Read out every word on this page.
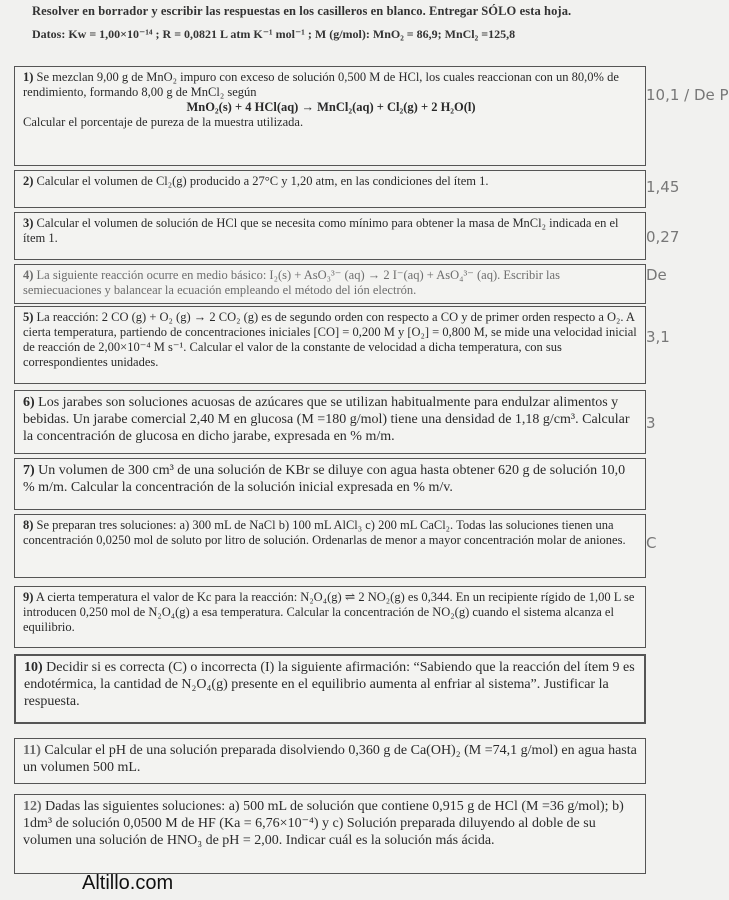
Resolver en borrador y escribir las respuestas en los casilleros en blanco. Entregar SÓLO esta hoja.
Datos: Kw = 1,00×10⁻¹⁴ ; R = 0,0821 L atm K⁻¹ mol⁻¹ ; M (g/mol): MnO₂ = 86,9; MnCl₂ =125,8
1) Se mezclan 9,00 g de MnO₂ impuro con exceso de solución 0,500 M de HCl, los cuales reaccionan con un 80,0% de rendimiento, formando 8,00 g de MnCl₂ según
MnO₂(s) + 4 HCl(aq) → MnCl₂(aq) + Cl₂(g) + 2 H₂O(l)
Calcular el porcentaje de pureza de la muestra utilizada.
10,1 / De P
2) Calcular el volumen de Cl₂(g) producido a 27°C y 1,20 atm, en las condiciones del ítem 1.	1,45
3) Calcular el volumen de solución de HCl que se necesita como mínimo para obtener la masa de MnCl₂ indicada en el ítem 1.	0,27
4) La siguiente reacción ocurre en medio básico: I₂(s) + AsO₃³⁻ (aq) → 2 I⁻(aq) + AsO₄³⁻ (aq). Escribir las semiecuaciones y balancear la ecuación empleando el método del ión electrón.
De
5) La reacción: 2 CO (g) + O₂ (g) → 2 CO₂ (g) es de segundo orden con respecto a CO y de primer orden respecto a O₂. A cierta temperatura, partiendo de concentraciones iniciales [CO] = 0,200 M y [O₂] = 0,800 M, se mide una velocidad inicial de reacción de 2,00×10⁻⁴ M s⁻¹. Calcular el valor de la constante de velocidad a dicha temperatura, con sus correspondientes unidades.
3,1
6) Los jarabes son soluciones acuosas de azúcares que se utilizan habitualmente para endulzar alimentos y bebidas. Un jarabe comercial 2,40 M en glucosa (M =180 g/mol) tiene una densidad de 1,18 g/cm³. Calcular la concentración de glucosa en dicho jarabe, expresada en % m/m.
3
7) Un volumen de 300 cm³ de una solución de KBr se diluye con agua hasta obtener 620 g de solución 10,0 % m/m. Calcular la concentración de la solución inicial expresada en % m/v.
8) Se preparan tres soluciones: a) 300 mL de NaCl b) 100 mL AlCl₃ c) 200 mL CaCl₂. Todas las soluciones tienen una concentración 0,0250 mol de soluto por litro de solución. Ordenarlas de menor a mayor concentración molar de aniones.	C
9) A cierta temperatura el valor de Kc para la reacción: N₂O₄(g) ⇌ 2 NO₂(g) es 0,344. En un recipiente rígido de 1,00 L se introducen 0,250 mol de N₂O₄(g) a esa temperatura. Calcular la concentración de NO₂(g) cuando el sistema alcanza el equilibrio.
10) Decidir si es correcta (C) o incorrecta (I) la siguiente afirmación: “Sabiendo que la reacción del ítem 9 es endotérmica, la cantidad de N₂O₄(g) presente en el equilibrio aumenta al enfriar al sistema”. Justificar la respuesta.
11) Calcular el pH de una solución preparada disolviendo 0,360 g de Ca(OH)₂ (M =74,1 g/mol) en agua hasta un volumen 500 mL.
12) Dadas las siguientes soluciones: a) 500 mL de solución que contiene 0,915 g de HCl (M =36 g/mol); b) 1dm³ de solución 0,0500 M de HF (Ka = 6,76×10⁻⁴) y c) Solución preparada diluyendo al doble de su volumen una solución de HNO₃ de pH = 2,00. Indicar cuál es la solución más ácida.
Altillo.com
